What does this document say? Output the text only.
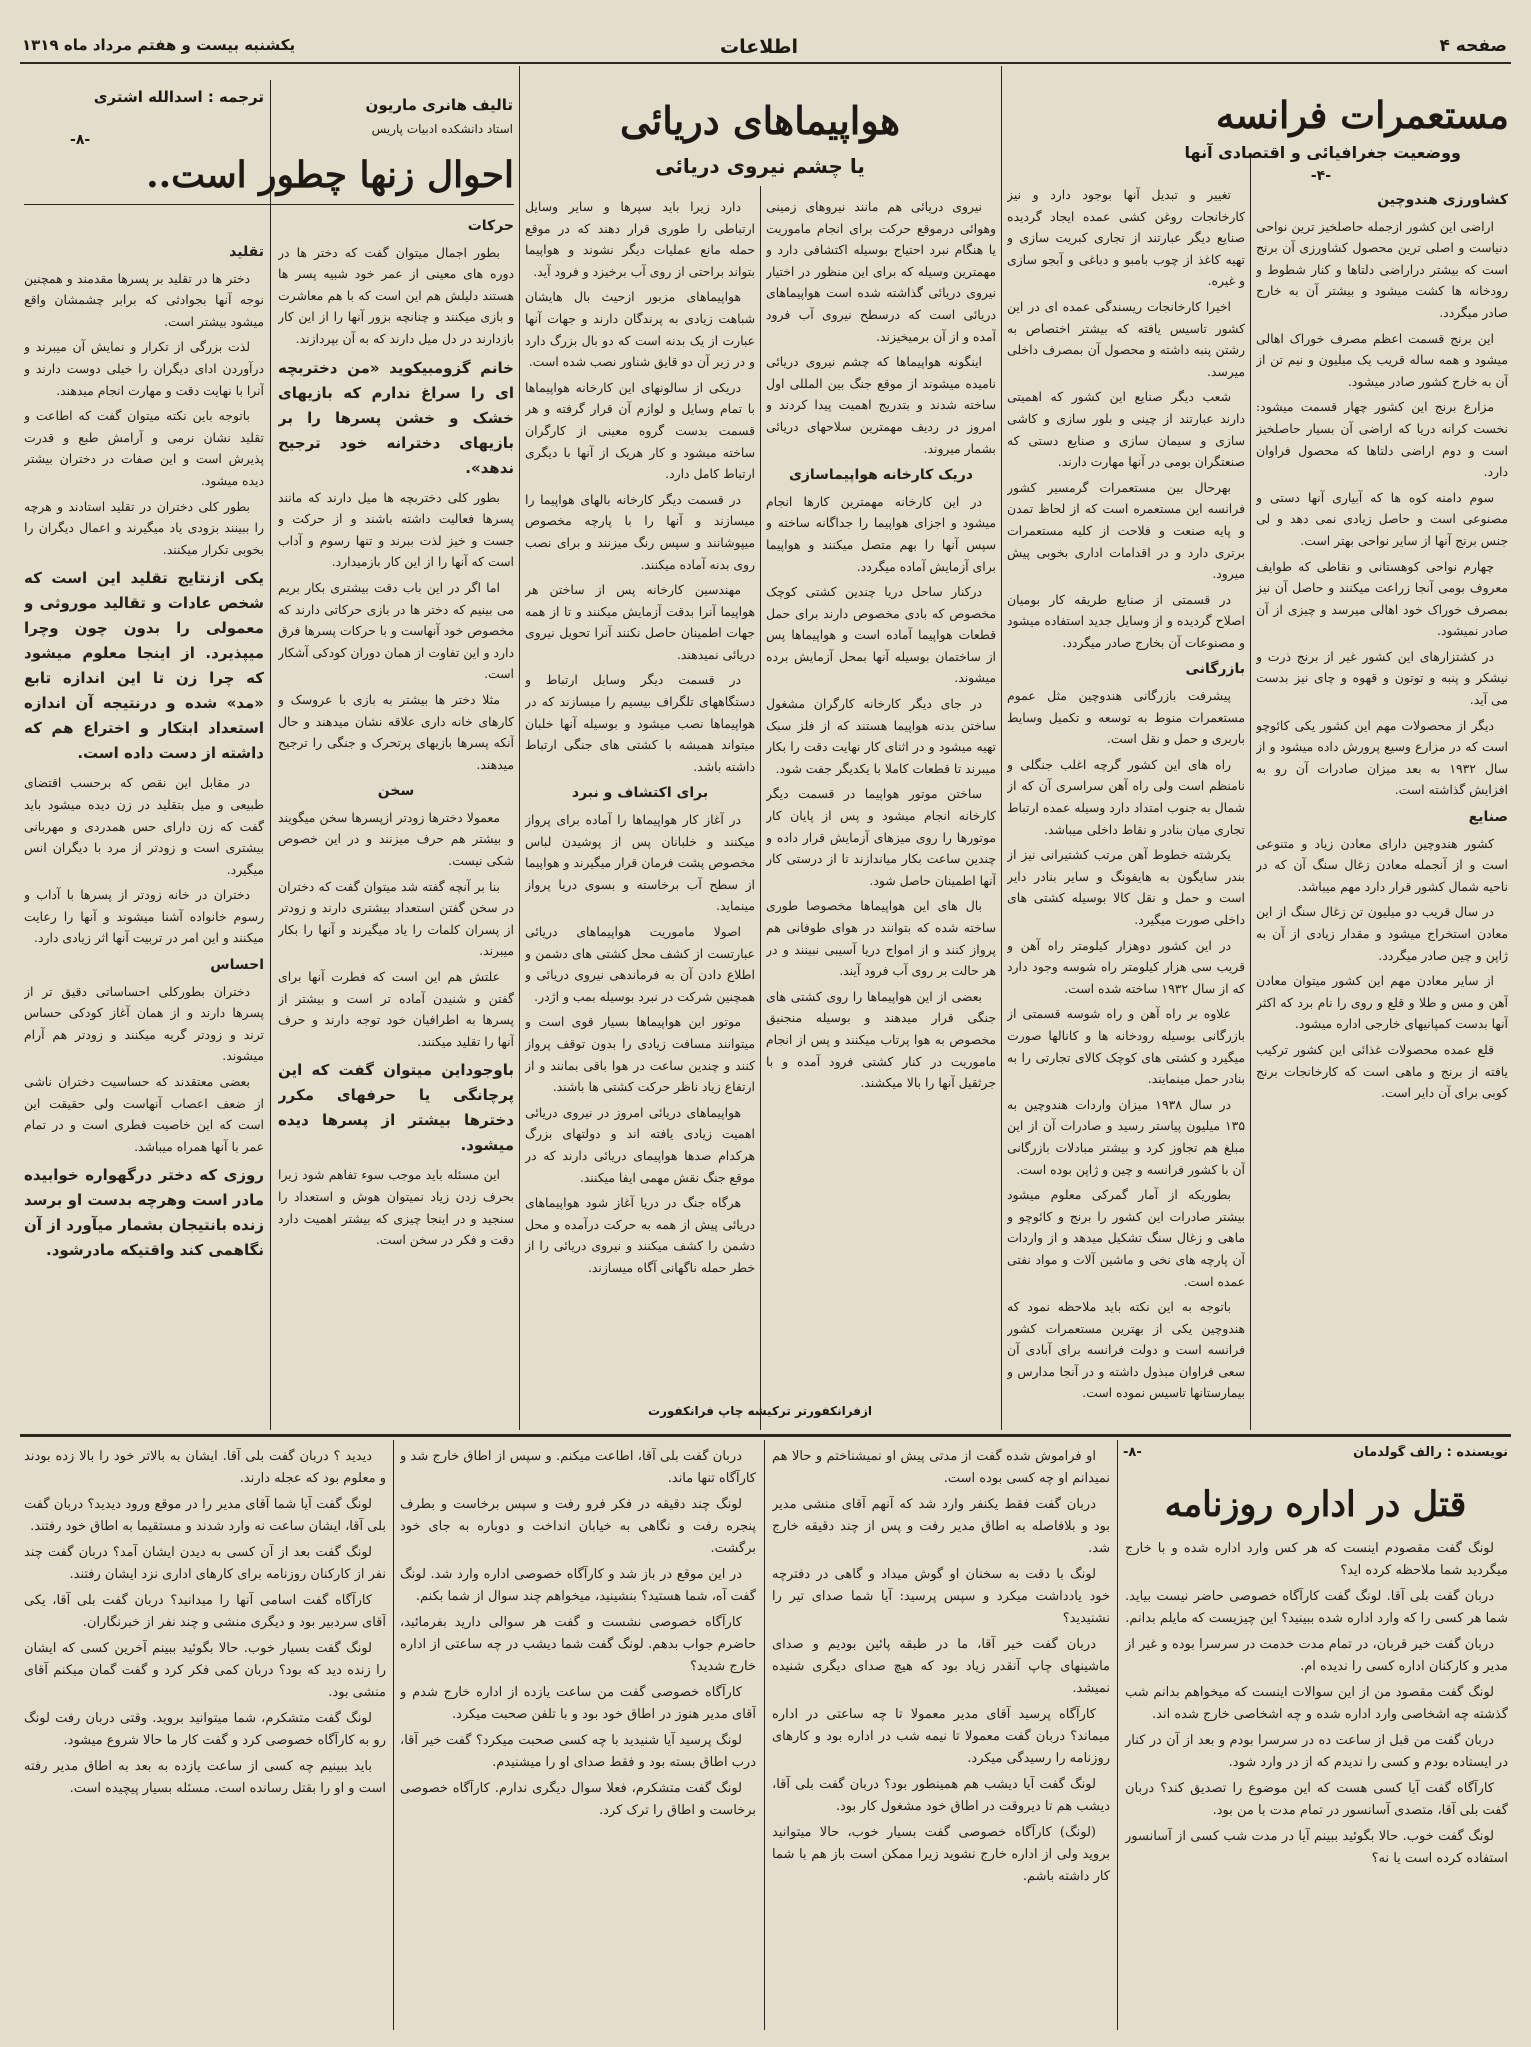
صفحه ۴
اطلاعات
یکشنبه بیست و هفتم مرداد ماه ۱۳۱۹
مستعمرات فرانسه
ووضعیت جغرافیائی و اقتصادی آنها
-۴-
کشاورزی هندوچین

اراضی این کشور ازجمله حاصلخیز ترین نواحی دنیاست و اصلی ترین محصول کشاورزی آن برنج است که بیشتر دراراضی دلتاها و کنار شطوط و رودخانه ها کشت میشود و بیشتر آن به خارج صادر میگردد.

این برنج قسمت اعظم مصرف خوراک اهالی میشود و همه ساله قریب یک میلیون و نیم تن از آن به خارج کشور صادر میشود.

مزارع برنج این کشور چهار قسمت میشود: نخست کرانه دریا که اراضی آن بسیار حاصلخیز است و دوم اراضی دلتاها که محصول فراوان دارد.

سوم دامنه کوه ها که آبیاری آنها دستی و مصنوعی است و حاصل زیادی نمی دهد و لی جنس برنج آنها از سایر نواحی بهتر است.

چهارم نواحی کوهستانی و نقاطی که طوایف معروف بومی آنجا زراعت میکنند و حاصل آن نیز بمصرف خوراک خود اهالی میرسد و چیزی از آن صادر نمیشود.

در کشتزارهای این کشور غیر از برنج ذرت و نیشکر و پنبه و توتون و قهوه و چای نیز بدست می آید.

دیگر از محصولات مهم این کشور یکی کائوچو است که در مزارع وسیع پرورش داده میشود و از سال ۱۹۳۲ به بعد میزان صادرات آن رو به افزایش گذاشته است.

صنایع

کشور هندوچین دارای معادن زیاد و متنوعی است و از آنجمله معادن زغال سنگ آن که در ناحیه شمال کشور قرار دارد مهم میباشد.

در سال قریب دو میلیون تن زغال سنگ از این معادن استخراج میشود و مقدار زیادی از آن به ژاپن و چین صادر میگردد.

از سایر معادن مهم این کشور میتوان معادن آهن و مس و طلا و قلع و روی را نام برد که اکثر آنها بدست کمپانیهای خارجی اداره میشود.

قلع عمده محصولات غذائی این کشور ترکیب یافته از برنج و ماهی است که کارخانجات برنج کوبی برای آن دایر است.

تغییر و تبدیل آنها بوجود دارد و نیز کارخانجات روغن کشی عمده ایجاد گردیده صنایع دیگر عبارتند از تجاری کبریت سازی و تهیه کاغذ از چوب بامبو و دباغی و آبجو سازی و غیره.

اخیرا کارخانجات ریسندگی عمده ای در این کشور تاسیس یافته که بیشتر اختصاص به رشتن پنبه داشته و محصول آن بمصرف داخلی میرسد.

شعب دیگر صنایع این کشور که اهمیتی دارند عبارتند از چینی و بلور سازی و کاشی سازی و سیمان سازی و صنایع دستی که صنعتگران بومی در آنها مهارت دارند.

بهرحال بین مستعمرات گرمسیر کشور فرانسه این مستعمره است که از لحاظ تمدن و پایه صنعت و فلاحت از کلیه مستعمرات برتری دارد و در اقدامات اداری بخوبی پیش میرود.

در قسمتی از صنایع طریقه کار بومیان اصلاح گردیده و از وسایل جدید استفاده میشود و مصنوعات آن بخارج صادر میگردد.

بازرگانی

پیشرفت بازرگانی هندوچین مثل عموم مستعمرات منوط به توسعه و تکمیل وسایط باربری و حمل و نقل است.

راه های این کشور گرچه اغلب جنگلی و نامنظم است ولی راه آهن سراسری آن که از شمال به جنوب امتداد دارد وسیله عمده ارتباط تجاری میان بنادر و نقاط داخلی میباشد.

یکرشته خطوط آهن مرتب کشتیرانی نیز از بندر سایگون به هایفونگ و سایر بنادر دایر است و حمل و نقل کالا بوسیله کشتی های داخلی صورت میگیرد.

در این کشور دوهزار کیلومتر راه آهن و قریب سی هزار کیلومتر راه شوسه وجود دارد که از سال ۱۹۳۲ ساخته شده است.

علاوه بر راه آهن و راه شوسه قسمتی از بازرگانی بوسیله رودخانه ها و کانالها صورت میگیرد و کشتی های کوچک کالای تجارتی را به بنادر حمل مینمایند.

در سال ۱۹۳۸ میزان واردات هندوچین به ۱۳۵ میلیون پیاستر رسید و صادرات آن از این مبلغ هم تجاوز کرد و بیشتر مبادلات بازرگانی آن با کشور فرانسه و چین و ژاپن بوده است.

بطوریکه از آمار گمرکی معلوم میشود بیشتر صادرات این کشور را برنج و کائوچو و ماهی و زغال سنگ تشکیل میدهد و از واردات آن پارچه های نخی و ماشین آلات و مواد نفتی عمده است.

باتوجه به این نکته باید ملاحظه نمود که هندوچین یکی از بهترین مستعمرات کشور فرانسه است و دولت فرانسه برای آبادی آن سعی فراوان مبذول داشته و در آنجا مدارس و بیمارستانها تاسیس نموده است.

هواپیماهای دریائی
یا چشم نیروی دریائی

نیروی دریائی هم مانند نیروهای زمینی وهوائی درموقع حرکت برای انجام ماموریت یا هنگام نبرد احتیاج بوسیله اکتشافی دارد و مهمترین وسیله که برای این منظور در اختیار نیروی دریائی گذاشته شده است هواپیماهای دریائی است که درسطح نیروی آب فرود آمده و از آن برمیخیزند.

اینگونه هواپیماها که چشم نیروی دریائی نامیده میشوند از موقع جنگ بین المللی اول ساخته شدند و بتدریج اهمیت پیدا کردند و امروز در ردیف مهمترین سلاحهای دریائی بشمار میروند.

دریک کارخانه هواپیماسازی

در این کارخانه مهمترین کارها انجام میشود و اجزای هواپیما را جداگانه ساخته و سپس آنها را بهم متصل میکنند و هواپیما برای آزمایش آماده میگردد.

درکنار ساحل دریا چندین کشتی کوچک مخصوص که بادی مخصوص دارند برای حمل قطعات هواپیما آماده است و هواپیماها پس از ساختمان بوسیله آنها بمحل آزمایش برده میشوند.

در جای دیگر کارخانه کارگران مشغول ساختن بدنه هواپیما هستند که از فلز سبک تهیه میشود و در اثنای کار نهایت دقت را بکار میبرند تا قطعات کاملا با یکدیگر جفت شود.

ساختن موتور هواپیما در قسمت دیگر کارخانه انجام میشود و پس از پایان کار موتورها را روی میزهای آزمایش قرار داده و چندین ساعت بکار میاندازند تا از درستی کار آنها اطمینان حاصل شود.

بال های این هواپیماها مخصوصا طوری ساخته شده که بتوانند در هوای طوفانی هم پرواز کنند و از امواج دریا آسیبی نبینند و در هر حالت بر روی آب فرود آیند.

بعضی از این هواپیماها را روی کشتی های جنگی قرار میدهند و بوسیله منجنیق مخصوص به هوا پرتاب میکنند و پس از انجام ماموریت در کنار کشتی فرود آمده و با جرثقیل آنها را بالا میکشند.

دارد زیرا باید سپرها و سایر وسایل ارتباطی را طوری قرار دهند که در موقع حمله مانع عملیات دیگر نشوند و هواپیما بتواند براحتی از روی آب برخیزد و فرود آید.

هواپیماهای مزبور ازحیث بال هایشان شباهت زیادی به پرندگان دارند و جهات آنها عبارت از یک بدنه است که دو بال بزرگ دارد و در زیر آن دو قایق شناور نصب شده است.

دریکی از سالونهای این کارخانه هواپیماها با تمام وسایل و لوازم آن قرار گرفته و هر قسمت بدست گروه معینی از کارگران ساخته میشود و کار هریک از آنها با دیگری ارتباط کامل دارد.

در قسمت دیگر کارخانه بالهای هواپیما را میسازند و آنها را با پارچه مخصوص میپوشانند و سپس رنگ میزنند و برای نصب روی بدنه آماده میکنند.

مهندسین کارخانه پس از ساختن هر هواپیما آنرا بدقت آزمایش میکنند و تا از همه جهات اطمینان حاصل نکنند آنرا تحویل نیروی دریائی نمیدهند.

در قسمت دیگر وسایل ارتباط و دستگاههای تلگراف بیسیم را میسازند که در هواپیماها نصب میشود و بوسیله آنها خلبان میتواند همیشه با کشتی های جنگی ارتباط داشته باشد.

برای اکتشاف و نبرد

در آغاز کار هواپیماها را آماده برای پرواز میکنند و خلبانان پس از پوشیدن لباس مخصوص پشت فرمان قرار میگیرند و هواپیما از سطح آب برخاسته و بسوی دریا پرواز مینماید.

اصولا ماموریت هواپیماهای دریائی عبارتست از کشف محل کشتی های دشمن و اطلاع دادن آن به فرماندهی نیروی دریائی و همچنین شرکت در نبرد بوسیله بمب و اژدر.

موتور این هواپیماها بسیار قوی است و میتوانند مسافت زیادی را بدون توقف پرواز کنند و چندین ساعت در هوا باقی بمانند و از ارتفاع زیاد ناظر حرکت کشتی ها باشند.

هواپیماهای دریائی امروز در نیروی دریائی اهمیت زیادی یافته اند و دولتهای بزرگ هرکدام صدها هواپیمای دریائی دارند که در موقع جنگ نقش مهمی ایفا میکنند.

هرگاه جنگ در دریا آغاز شود هواپیماهای دریائی پیش از همه به حرکت درآمده و محل دشمن را کشف میکنند و نیروی دریائی را از خطر حمله ناگهانی آگاه میسازند.

ازفرانکفورتر ترکیشه چاپ فرانکفورت
تالیف هانری ماریون
استاد دانشکده ادبیات پاریس
ترجمه : اسدالله اشتری
-۸-
احوال زنها چطور است..
حرکات

بطور اجمال میتوان گفت که دختر ها در دوره های معینی از عمر خود شبیه پسر ها هستند دلیلش هم این است که با هم معاشرت و بازی میکنند و چنانچه بزور آنها را از این کار بازدارند در دل میل دارند که به آن بپردازند.

خانم گزومبیکوید «من دختربچه ای را سراغ ندارم که بازیهای خشک و خشن پسرها را بر بازیهای دخترانه خود ترجیح ندهد».

بطور کلی دختربچه ها میل دارند که مانند پسرها فعالیت داشته باشند و از حرکت و جست و خیز لذت ببرند و تنها رسوم و آداب است که آنها را از این کار بازمیدارد.

اما اگر در این باب دقت بیشتری بکار بریم می بینیم که دختر ها در بازی حرکاتی دارند که مخصوص خود آنهاست و با حرکات پسرها فرق دارد و این تفاوت از همان دوران کودکی آشکار است.

مثلا دختر ها بیشتر به بازی با عروسک و کارهای خانه داری علاقه نشان میدهند و حال آنکه پسرها بازیهای پرتحرک و جنگی را ترجیح میدهند.

سخن

معمولا دخترها زودتر ازپسرها سخن میگویند و بیشتر هم حرف میزنند و در این خصوص شکی نیست.

بنا بر آنچه گفته شد میتوان گفت که دختران در سخن گفتن استعداد بیشتری دارند و زودتر از پسران کلمات را یاد میگیرند و آنها را بکار میبرند.

علتش هم این است که فطرت آنها برای گفتن و شنیدن آماده تر است و بیشتر از پسرها به اطرافیان خود توجه دارند و حرف آنها را تقلید میکنند.

باوجوداین میتوان گفت که این پرچانگی یا حرفهای مکرر دخترها بیشتر از پسرها دیده میشود.

این مسئله باید موجب سوء تفاهم شود زیرا بحرف زدن زیاد نمیتوان هوش و استعداد را سنجید و در اینجا چیزی که بیشتر اهمیت دارد دقت و فکر در سخن است.

تقلید

دختر ها در تقلید بر پسرها مقدمند و همچنین نوجه آنها بجوادثی که برابر چشمشان واقع میشود بیشتر است.

لذت بزرگی از تکرار و نمایش آن میبرند و درآوردن ادای دیگران را خیلی دوست دارند و آنرا با نهایت دقت و مهارت انجام میدهند.

باتوجه باین نکته میتوان گفت که اطاعت و تقلید نشان نرمی و آرامش طبع و قدرت پذیرش است و این صفات در دختران بیشتر دیده میشود.

بطور کلی دختران در تقلید استادند و هرچه را ببینند بزودی یاد میگیرند و اعمال دیگران را بخوبی تکرار میکنند.

یکی ازنتایج تقلید این است که شخص عادات و تقالید موروثی و معمولی را بدون چون وچرا میپذیرد. از اینجا معلوم میشود که چرا زن تا این اندازه تابع «مد» شده و درنتیجه آن اندازه استعداد ابتکار و اختراع هم که داشته از دست داده است.

در مقابل این نقص که برحسب اقتضای طبیعی و میل بتقلید در زن دیده میشود باید گفت که زن دارای حس همدردی و مهربانی بیشتری است و زودتر از مرد با دیگران انس میگیرد.

دختران در خانه زودتر از پسرها با آداب و رسوم خانواده آشنا میشوند و آنها را رعایت میکنند و این امر در تربیت آنها اثر زیادی دارد.

احساس

دختران بطورکلی احساساتی دقیق تر از پسرها دارند و از همان آغاز کودکی حساس ترند و زودتر گریه میکنند و زودتر هم آرام میشوند.

بعضی معتقدند که حساسیت دختران ناشی از ضعف اعصاب آنهاست ولی حقیقت این است که این خاصیت فطری است و در تمام عمر با آنها همراه میباشد.

روزی که دختر درگهواره خوابیده مادر است وهرچه بدست او برسد زنده بانتیجان بشمار میآورد از آن نگاهمی کند واقتیکه مادرشود.
نویسنده : رالف گولدمان
-۸-
قتل در اداره روزنامه

لونگ گفت مقصودم اینست که هر کس وارد اداره شده و با خارج میگردید شما ملاحظه کرده اید؟

دربان گفت بلی آقا. لونگ گفت کارآگاه خصوصی حاضر نیست بیاید. شما هر کسی را که وارد اداره شده ببینید؟ این چیزیست که مایلم بدانم.

دربان گفت خیر قربان، در تمام مدت خدمت در سرسرا بوده و غیر از مدیر و کارکنان اداره کسی را ندیده ام.

لونگ گفت مقصود من از این سوالات اینست که میخواهم بدانم شب گذشته چه اشخاصی وارد اداره شده و چه اشخاصی خارج شده اند.

دربان گفت من قبل از ساعت ده در سرسرا بودم و بعد از آن در کنار در ایستاده بودم و کسی را ندیدم که از در وارد شود.

کارآگاه گفت آیا کسی هست که این موضوع را تصدیق کند؟ دربان گفت بلی آقا، متصدی آسانسور در تمام مدت با من بود.

لونگ گفت خوب. حالا بگوئید ببینم آیا در مدت شب کسی از آسانسور استفاده کرده است یا نه؟

او فراموش شده گفت از مدتی پیش او نمیشناختم و حالا هم نمیدانم او چه کسی بوده است.

دربان گفت فقط یکنفر وارد شد که آنهم آقای منشی مدیر بود و بلافاصله به اطاق مدیر رفت و پس از چند دقیقه خارج شد.

لونگ با دقت به سخنان او گوش میداد و گاهی در دفترچه خود یادداشت میکرد و سپس پرسید: آیا شما صدای تیر را نشنیدید؟

دربان گفت خیر آقا، ما در طبقه پائین بودیم و صدای ماشینهای چاپ آنقدر زیاد بود که هیچ صدای دیگری شنیده نمیشد.

کارآگاه پرسید آقای مدیر معمولا تا چه ساعتی در اداره میماند؟ دربان گفت معمولا تا نیمه شب در اداره بود و کارهای روزنامه را رسیدگی میکرد.

لونگ گفت آیا دیشب هم همینطور بود؟ دربان گفت بلی آقا، دیشب هم تا دیروقت در اطاق خود مشغول کار بود.

(لونگ) کارآگاه خصوصی گفت بسیار خوب، حالا میتوانید بروید ولی از اداره خارج نشوید زیرا ممکن است باز هم با شما کار داشته باشم.

دربان گفت بلی آقا، اطاعت میکنم. و سپس از اطاق خارج شد و کارآگاه تنها ماند.

لونگ چند دقیقه در فکر فرو رفت و سپس برخاست و بطرف پنجره رفت و نگاهی به خیابان انداخت و دوباره به جای خود برگشت.

در این موقع در باز شد و کارآگاه خصوصی اداره وارد شد. لونگ گفت آه، شما هستید؟ بنشینید، میخواهم چند سوال از شما بکنم.

کارآگاه خصوصی نشست و گفت هر سوالی دارید بفرمائید، حاضرم جواب بدهم. لونگ گفت شما دیشب در چه ساعتی از اداره خارج شدید؟

کارآگاه خصوصی گفت من ساعت یازده از اداره خارج شدم و آقای مدیر هنوز در اطاق خود بود و با تلفن صحبت میکرد.

لونگ پرسید آیا شنیدید با چه کسی صحبت میکرد؟ گفت خیر آقا، درب اطاق بسته بود و فقط صدای او را میشنیدم.

لونگ گفت متشکرم، فعلا سوال دیگری ندارم. کارآگاه خصوصی برخاست و اطاق را ترک کرد.

دیدید ؟ دربان گفت بلی آقا. ایشان به بالاتر خود را بالا زده بودند و معلوم بود که عجله دارند.

لونگ گفت آیا شما آقای مدیر را در موقع ورود دیدید؟ دربان گفت بلی آقا، ایشان ساعت نه وارد شدند و مستقیما به اطاق خود رفتند.

لونگ گفت بعد از آن کسی به دیدن ایشان آمد؟ دربان گفت چند نفر از کارکنان روزنامه برای کارهای اداری نزد ایشان رفتند.

کارآگاه گفت اسامی آنها را میدانید؟ دربان گفت بلی آقا، یکی آقای سردبیر بود و دیگری منشی و چند نفر از خبرنگاران.

لونگ گفت بسیار خوب. حالا بگوئید ببینم آخرین کسی که ایشان را زنده دید که بود؟ دربان کمی فکر کرد و گفت گمان میکنم آقای منشی بود.

لونگ گفت متشکرم، شما میتوانید بروید. وقتی دربان رفت لونگ رو به کارآگاه خصوصی کرد و گفت کار ما حالا شروع میشود.

باید ببینیم چه کسی از ساعت یازده به بعد به اطاق مدیر رفته است و او را بقتل رسانده است. مسئله بسیار پیچیده است.
